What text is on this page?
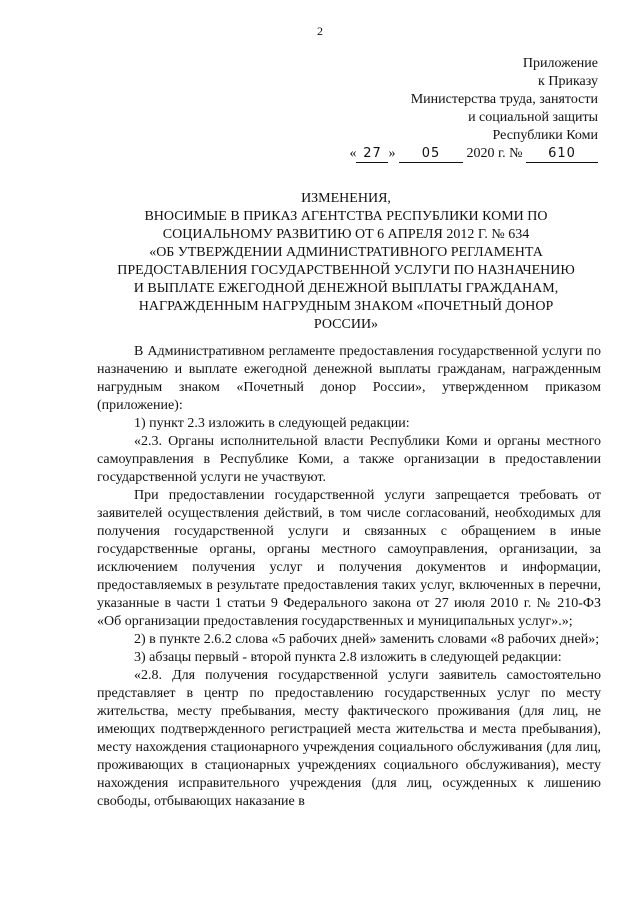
2
Приложение
к Приказу
Министерства труда, занятости
и социальной защиты
Республики Коми
« 27 » 05 2020 г. № 610
ИЗМЕНЕНИЯ,
ВНОСИМЫЕ В ПРИКАЗ АГЕНТСТВА РЕСПУБЛИКИ КОМИ ПО
СОЦИАЛЬНОМУ РАЗВИТИЮ ОТ 6 АПРЕЛЯ 2012 Г. № 634
«ОБ УТВЕРЖДЕНИИ АДМИНИСТРАТИВНОГО РЕГЛАМЕНТА
ПРЕДОСТАВЛЕНИЯ ГОСУДАРСТВЕННОЙ УСЛУГИ ПО НАЗНАЧЕНИЮ
И ВЫПЛАТЕ ЕЖЕГОДНОЙ ДЕНЕЖНОЙ ВЫПЛАТЫ ГРАЖДАНАМ,
НАГРАЖДЕННЫМ НАГРУДНЫМ ЗНАКОМ «ПОЧЕТНЫЙ ДОНОР
РОССИИ»

В Административном регламенте предоставления государственной услуги по назначению и выплате ежегодной денежной выплаты гражданам, награжденным нагрудным знаком «Почетный донор России», утвержденном приказом (приложение):

1) пункт 2.3 изложить в следующей редакции:

«2.3. Органы исполнительной власти Республики Коми и органы местного самоуправления в Республике Коми, а также организации в предоставлении государственной услуги не участвуют.

При предоставлении государственной услуги запрещается требовать от заявителей осуществления действий, в том числе согласований, необходимых для получения государственной услуги и связанных с обращением в иные государственные органы, органы местного самоуправления, организации, за исключением получения услуг и получения документов и информации, предоставляемых в результате предоставления таких услуг, включенных в перечни, указанные в части 1 статьи 9 Федерального закона от 27 июля 2010 г. № 210-ФЗ «Об организации предоставления государственных и муниципальных услуг».»;

2) в пункте 2.6.2 слова «5 рабочих дней» заменить словами «8 рабочих дней»;

3) абзацы первый - второй пункта 2.8 изложить в следующей редакции:

«2.8. Для получения государственной услуги заявитель самостоятельно представляет в центр по предоставлению государственных услуг по месту жительства, месту пребывания, месту фактического проживания (для лиц, не имеющих подтвержденного регистрацией места жительства и места пребывания), месту нахождения стационарного учреждения социального обслуживания (для лиц, проживающих в стационарных учреждениях социального обслуживания), месту нахождения исправительного учреждения (для лиц, осужденных к лишению свободы, отбывающих наказание в
